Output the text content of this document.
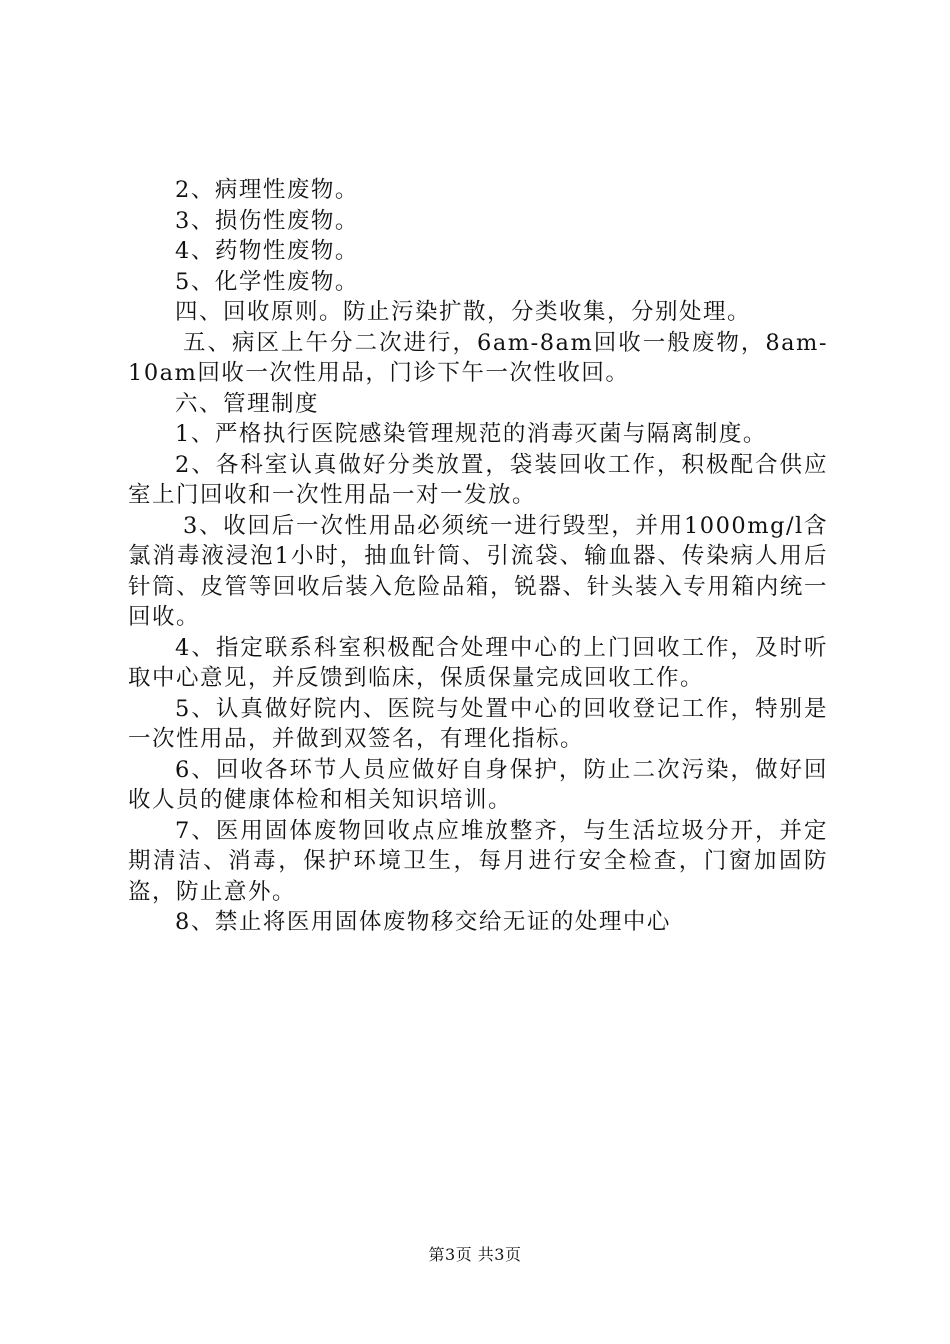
2、病理性废物。

3、损伤性废物。

4、药物性废物。

5、化学性废物。

四、回收原则。防止污染扩散，分类收集，分别处理。

五、病区上午分二次进行，6am-8am回收一般废物，8am-10am回收一次性用品，门诊下午一次性收回。

六、管理制度

1、严格执行医院感染管理规范的消毒灭菌与隔离制度。

2、各科室认真做好分类放置，袋装回收工作，积极配合供应室上门回收和一次性用品一对一发放。

3、收回后一次性用品必须统一进行毁型，并用1000mg/l含氯消毒液浸泡1小时，抽血针筒、引流袋、输血器、传染病人用后针筒、皮管等回收后装入危险品箱，锐器、针头装入专用箱内统一回收。

4、指定联系科室积极配合处理中心的上门回收工作，及时听取中心意见，并反馈到临床，保质保量完成回收工作。

5、认真做好院内、医院与处置中心的回收登记工作，特别是一次性用品，并做到双签名，有理化指标。

6、回收各环节人员应做好自身保护，防止二次污染，做好回收人员的健康体检和相关知识培训。

7、医用固体废物回收点应堆放整齐，与生活垃圾分开，并定期清洁、消毒，保护环境卫生，每月进行安全检查，门窗加固防盗，防止意外。

8、禁止将医用固体废物移交给无证的处理中心

第3页 共3页
